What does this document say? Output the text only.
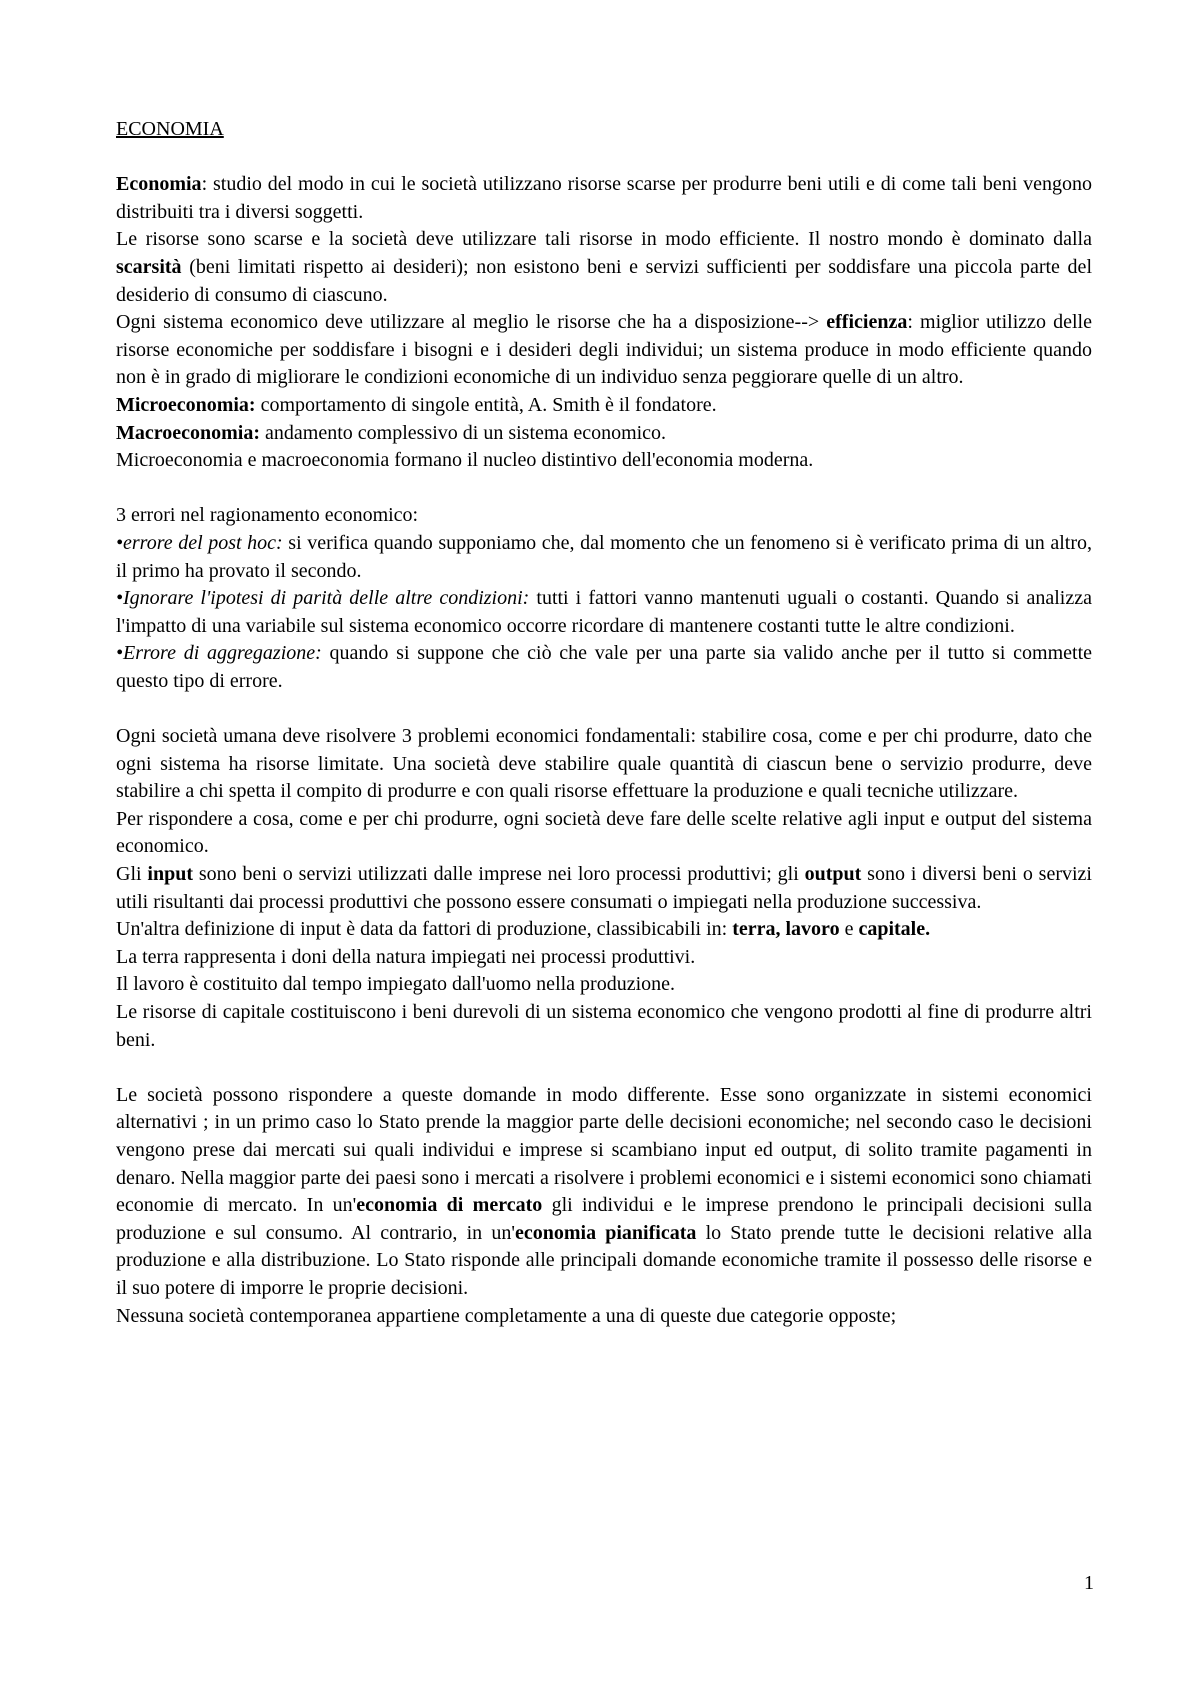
ECONOMIA

Economia: studio del modo in cui le società utilizzano risorse scarse per produrre beni utili e di come tali beni vengono distribuiti tra i diversi soggetti.

Le risorse sono scarse e la società deve utilizzare tali risorse in modo efficiente. Il nostro mondo è dominato dalla scarsità (beni limitati rispetto ai desideri); non esistono beni e servizi sufficienti per soddisfare una piccola parte del desiderio di consumo di ciascuno.

Ogni sistema economico deve utilizzare al meglio le risorse che ha a disposizione--> efficienza: miglior utilizzo delle risorse economiche per soddisfare i bisogni e i desideri degli individui; un sistema produce in modo efficiente quando non è in grado di migliorare le condizioni economiche di un individuo senza peggiorare quelle di un altro.

Microeconomia: comportamento di singole entità, A. Smith è il fondatore.

Macroeconomia: andamento complessivo di un sistema economico.

Microeconomia e macroeconomia formano il nucleo distintivo dell'economia moderna.

3 errori nel ragionamento economico:

•errore del post hoc: si verifica quando supponiamo che, dal momento che un fenomeno si è verificato prima di un altro, il primo ha provato il secondo.

•Ignorare l'ipotesi di parità delle altre condizioni: tutti i fattori vanno mantenuti uguali o costanti. Quando si analizza l'impatto di una variabile sul sistema economico occorre ricordare di mantenere costanti tutte le altre condizioni.

•Errore di aggregazione: quando si suppone che ciò che vale per una parte sia valido anche per il tutto si commette questo tipo di errore.

Ogni società umana deve risolvere 3 problemi economici fondamentali: stabilire cosa, come e per chi produrre, dato che ogni sistema ha risorse limitate. Una società deve stabilire quale quantità di ciascun bene o servizio produrre, deve stabilire a chi spetta il compito di produrre e con quali risorse effettuare la produzione e quali tecniche utilizzare.

Per rispondere a cosa, come e per chi produrre, ogni società deve fare delle scelte relative agli input e output del sistema economico.

Gli input sono beni o servizi utilizzati dalle imprese nei loro processi produttivi; gli output sono i diversi beni o servizi utili risultanti dai processi produttivi che possono essere consumati o impiegati nella produzione successiva.

Un'altra definizione di input è data da fattori di produzione, classibicabili in: terra, lavoro e capitale.

La terra rappresenta i doni della natura impiegati nei processi produttivi.

Il lavoro è costituito dal tempo impiegato dall'uomo nella produzione.

Le risorse di capitale costituiscono i beni durevoli di un sistema economico che vengono prodotti al fine di produrre altri beni.

Le società possono rispondere a queste domande in modo differente. Esse sono organizzate in sistemi economici alternativi ; in un primo caso lo Stato prende la maggior parte delle decisioni economiche; nel secondo caso le decisioni vengono prese dai mercati sui quali individui e imprese si scambiano input ed output, di solito tramite pagamenti in denaro. Nella maggior parte dei paesi sono i mercati a risolvere i problemi economici e i sistemi economici sono chiamati economie di mercato. In un'economia di mercato gli individui e le imprese prendono le principali decisioni sulla produzione e sul consumo. Al contrario, in un'economia pianificata lo Stato prende tutte le decisioni relative alla produzione e alla distribuzione. Lo Stato risponde alle principali domande economiche tramite il possesso delle risorse e il suo potere di imporre le proprie decisioni.

Nessuna società contemporanea appartiene completamente a una di queste due categorie opposte;

1
